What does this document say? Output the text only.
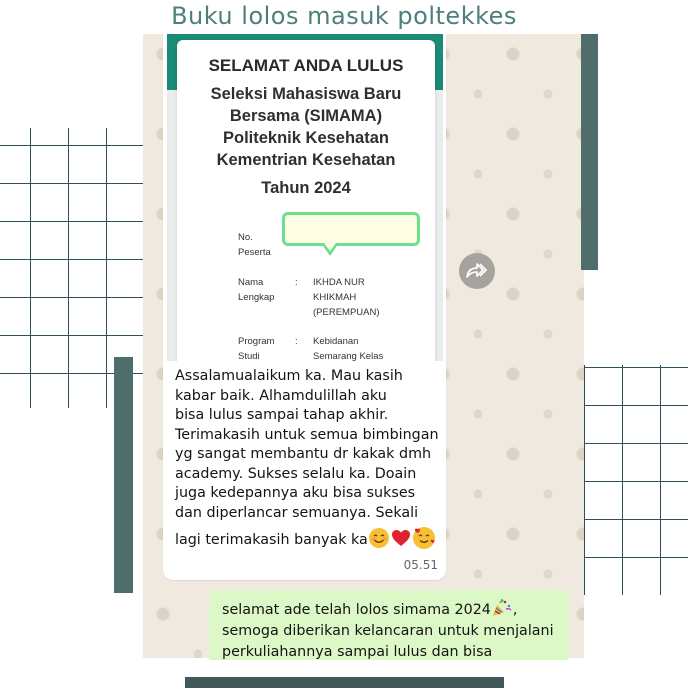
Buku lolos masuk poltekkes
SELAMAT ANDA LULUS
Seleksi Mahasiswa Baru
Bersama (SIMAMA)
Politeknik Kesehatan
Kementrian Kesehatan
Tahun 2024
No.
Peserta
Nama
Lengkap
: IKHDA NUR
KHIKMAH
(PEREMPUAN)
Program
Studi
: Kebidanan
Semarang Kelas
Assalamualaikum ka. Mau kasih
kabar baik. Alhamdulillah aku
bisa lulus sampai tahap akhir.
Terimakasih untuk semua bimbingan
yg sangat membantu dr kakak dmh
academy. Sukses selalu ka. Doain
juga kedepannya aku bisa sukses
dan diperlancar semuanya. Sekali
lagi terimakasih banyak ka
05.51
selamat ade telah lolos simama 2024 ,
semoga diberikan kelancaran untuk menjalani
perkuliahannya sampai lulus dan bisa
